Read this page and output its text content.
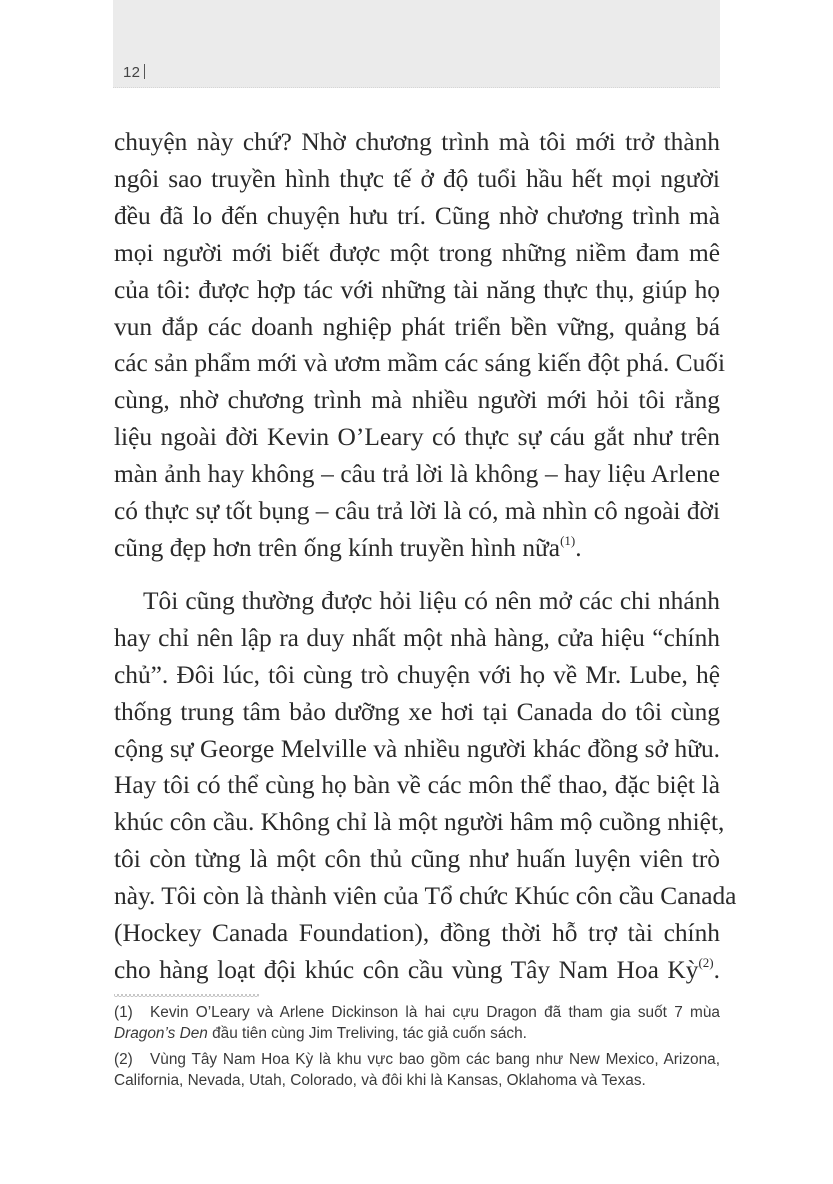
12

chuyện này chứ? Nhờ chương trình mà tôi mới trở thành
ngôi sao truyền hình thực tế ở độ tuổi hầu hết mọi người
đều đã lo đến chuyện hưu trí. Cũng nhờ chương trình mà
mọi người mới biết được một trong những niềm đam mê
của tôi: được hợp tác với những tài năng thực thụ, giúp họ
vun đắp các doanh nghiệp phát triển bền vững, quảng bá
các sản phẩm mới và ươm mầm các sáng kiến đột phá. Cuối
cùng, nhờ chương trình mà nhiều người mới hỏi tôi rằng
liệu ngoài đời Kevin O’Leary có thực sự cáu gắt như trên
màn ảnh hay không – câu trả lời là không – hay liệu Arlene
có thực sự tốt bụng – câu trả lời là có, mà nhìn cô ngoài đời
cũng đẹp hơn trên ống kính truyền hình nữa$^{(1)}$.

Tôi cũng thường được hỏi liệu có nên mở các chi nhánh
hay chỉ nên lập ra duy nhất một nhà hàng, cửa hiệu “chính
chủ”. Đôi lúc, tôi cùng trò chuyện với họ về Mr. Lube, hệ
thống trung tâm bảo dưỡng xe hơi tại Canada do tôi cùng
cộng sự George Melville và nhiều người khác đồng sở hữu.
Hay tôi có thể cùng họ bàn về các môn thể thao, đặc biệt là
khúc côn cầu. Không chỉ là một người hâm mộ cuồng nhiệt,
tôi còn từng là một côn thủ cũng như huấn luyện viên trò
này. Tôi còn là thành viên của Tổ chức Khúc côn cầu Canada
(Hockey Canada Foundation), đồng thời hỗ trợ tài chính
cho hàng loạt đội khúc côn cầu vùng Tây Nam Hoa Kỳ$^{(2)}$.

(1) Kevin O’Leary và Arlene Dickinson là hai cựu Dragon đã tham gia suốt 7 mùa Dragon’s Den đầu tiên cùng Jim Treliving, tác giả cuốn sách.

(2) Vùng Tây Nam Hoa Kỳ là khu vực bao gồm các bang như New Mexico, Arizona, California, Nevada, Utah, Colorado, và đôi khi là Kansas, Oklahoma và Texas.
